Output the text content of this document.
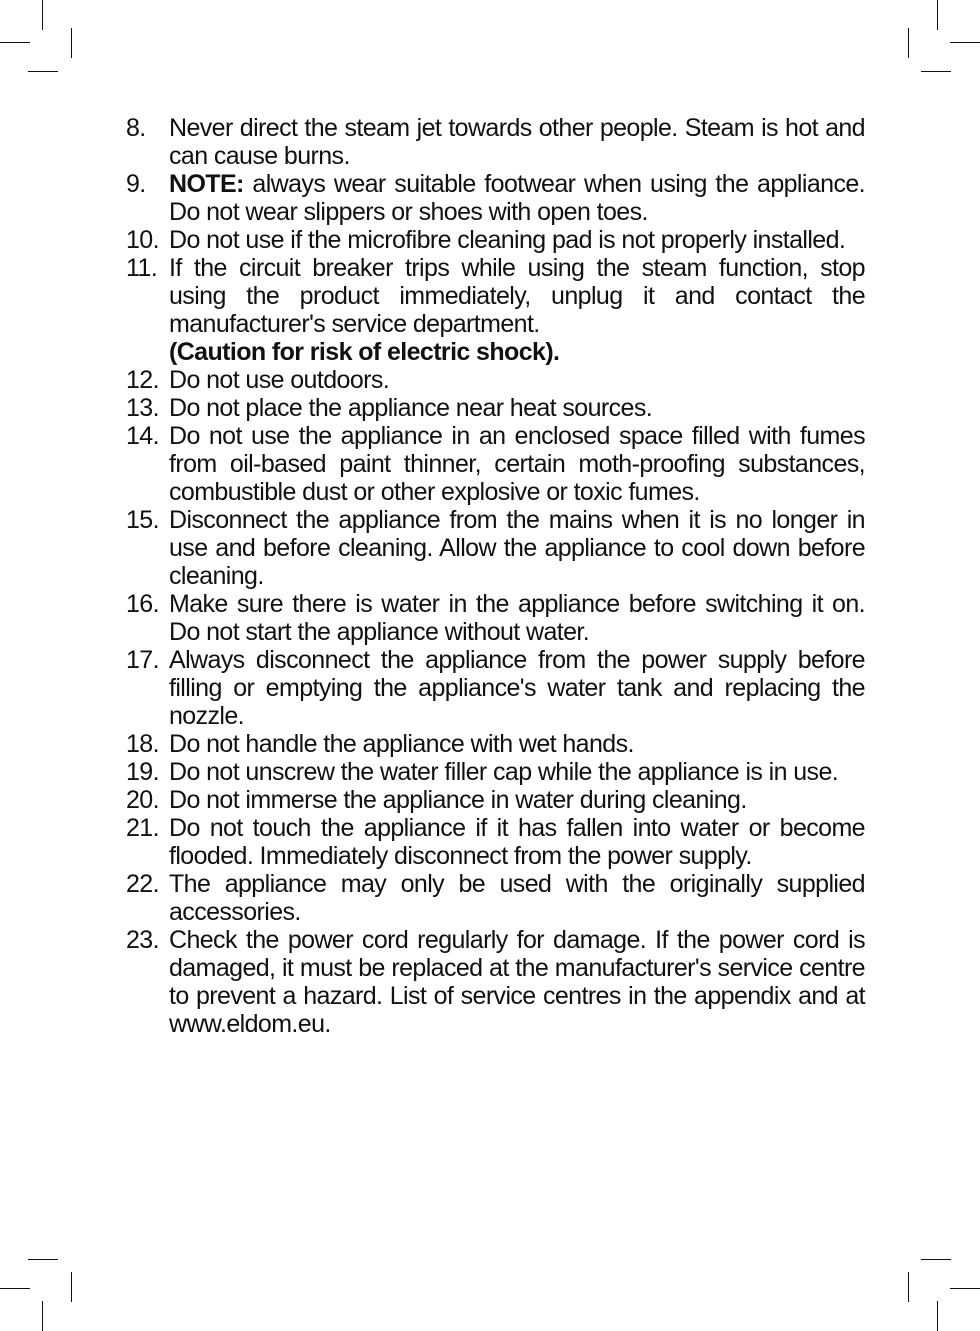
8. Never direct the steam jet towards other people. Steam is hot and can cause burns.
9. NOTE: always wear suitable footwear when using the appliance. Do not wear slippers or shoes with open toes.
10. Do not use if the microfibre cleaning pad is not properly installed.
11. If the circuit breaker trips while using the steam function, stop using the product immediately, unplug it and contact the manufacturer's service department.
(Caution for risk of electric shock).
12. Do not use outdoors.
13. Do not place the appliance near heat sources.
14. Do not use the appliance in an enclosed space filled with fumes from oil-based paint thinner, certain moth-proofing substances, combustible dust or other explosive or toxic fumes.
15. Disconnect the appliance from the mains when it is no longer in use and before cleaning. Allow the appliance to cool down before cleaning.
16. Make sure there is water in the appliance before switching it on. Do not start the appliance without water.
17. Always disconnect the appliance from the power supply before filling or emptying the appliance's water tank and replacing the nozzle.
18. Do not handle the appliance with wet hands.
19. Do not unscrew the water filler cap while the appliance is in use.
20. Do not immerse the appliance in water during cleaning.
21. Do not touch the appliance if it has fallen into water or become flooded. Immediately disconnect from the power supply.
22. The appliance may only be used with the originally supplied accessories.
23. Check the power cord regularly for damage. If the power cord is damaged, it must be replaced at the manufacturer's service centre to prevent a hazard. List of service centres in the appendix and at www.eldom.eu.
